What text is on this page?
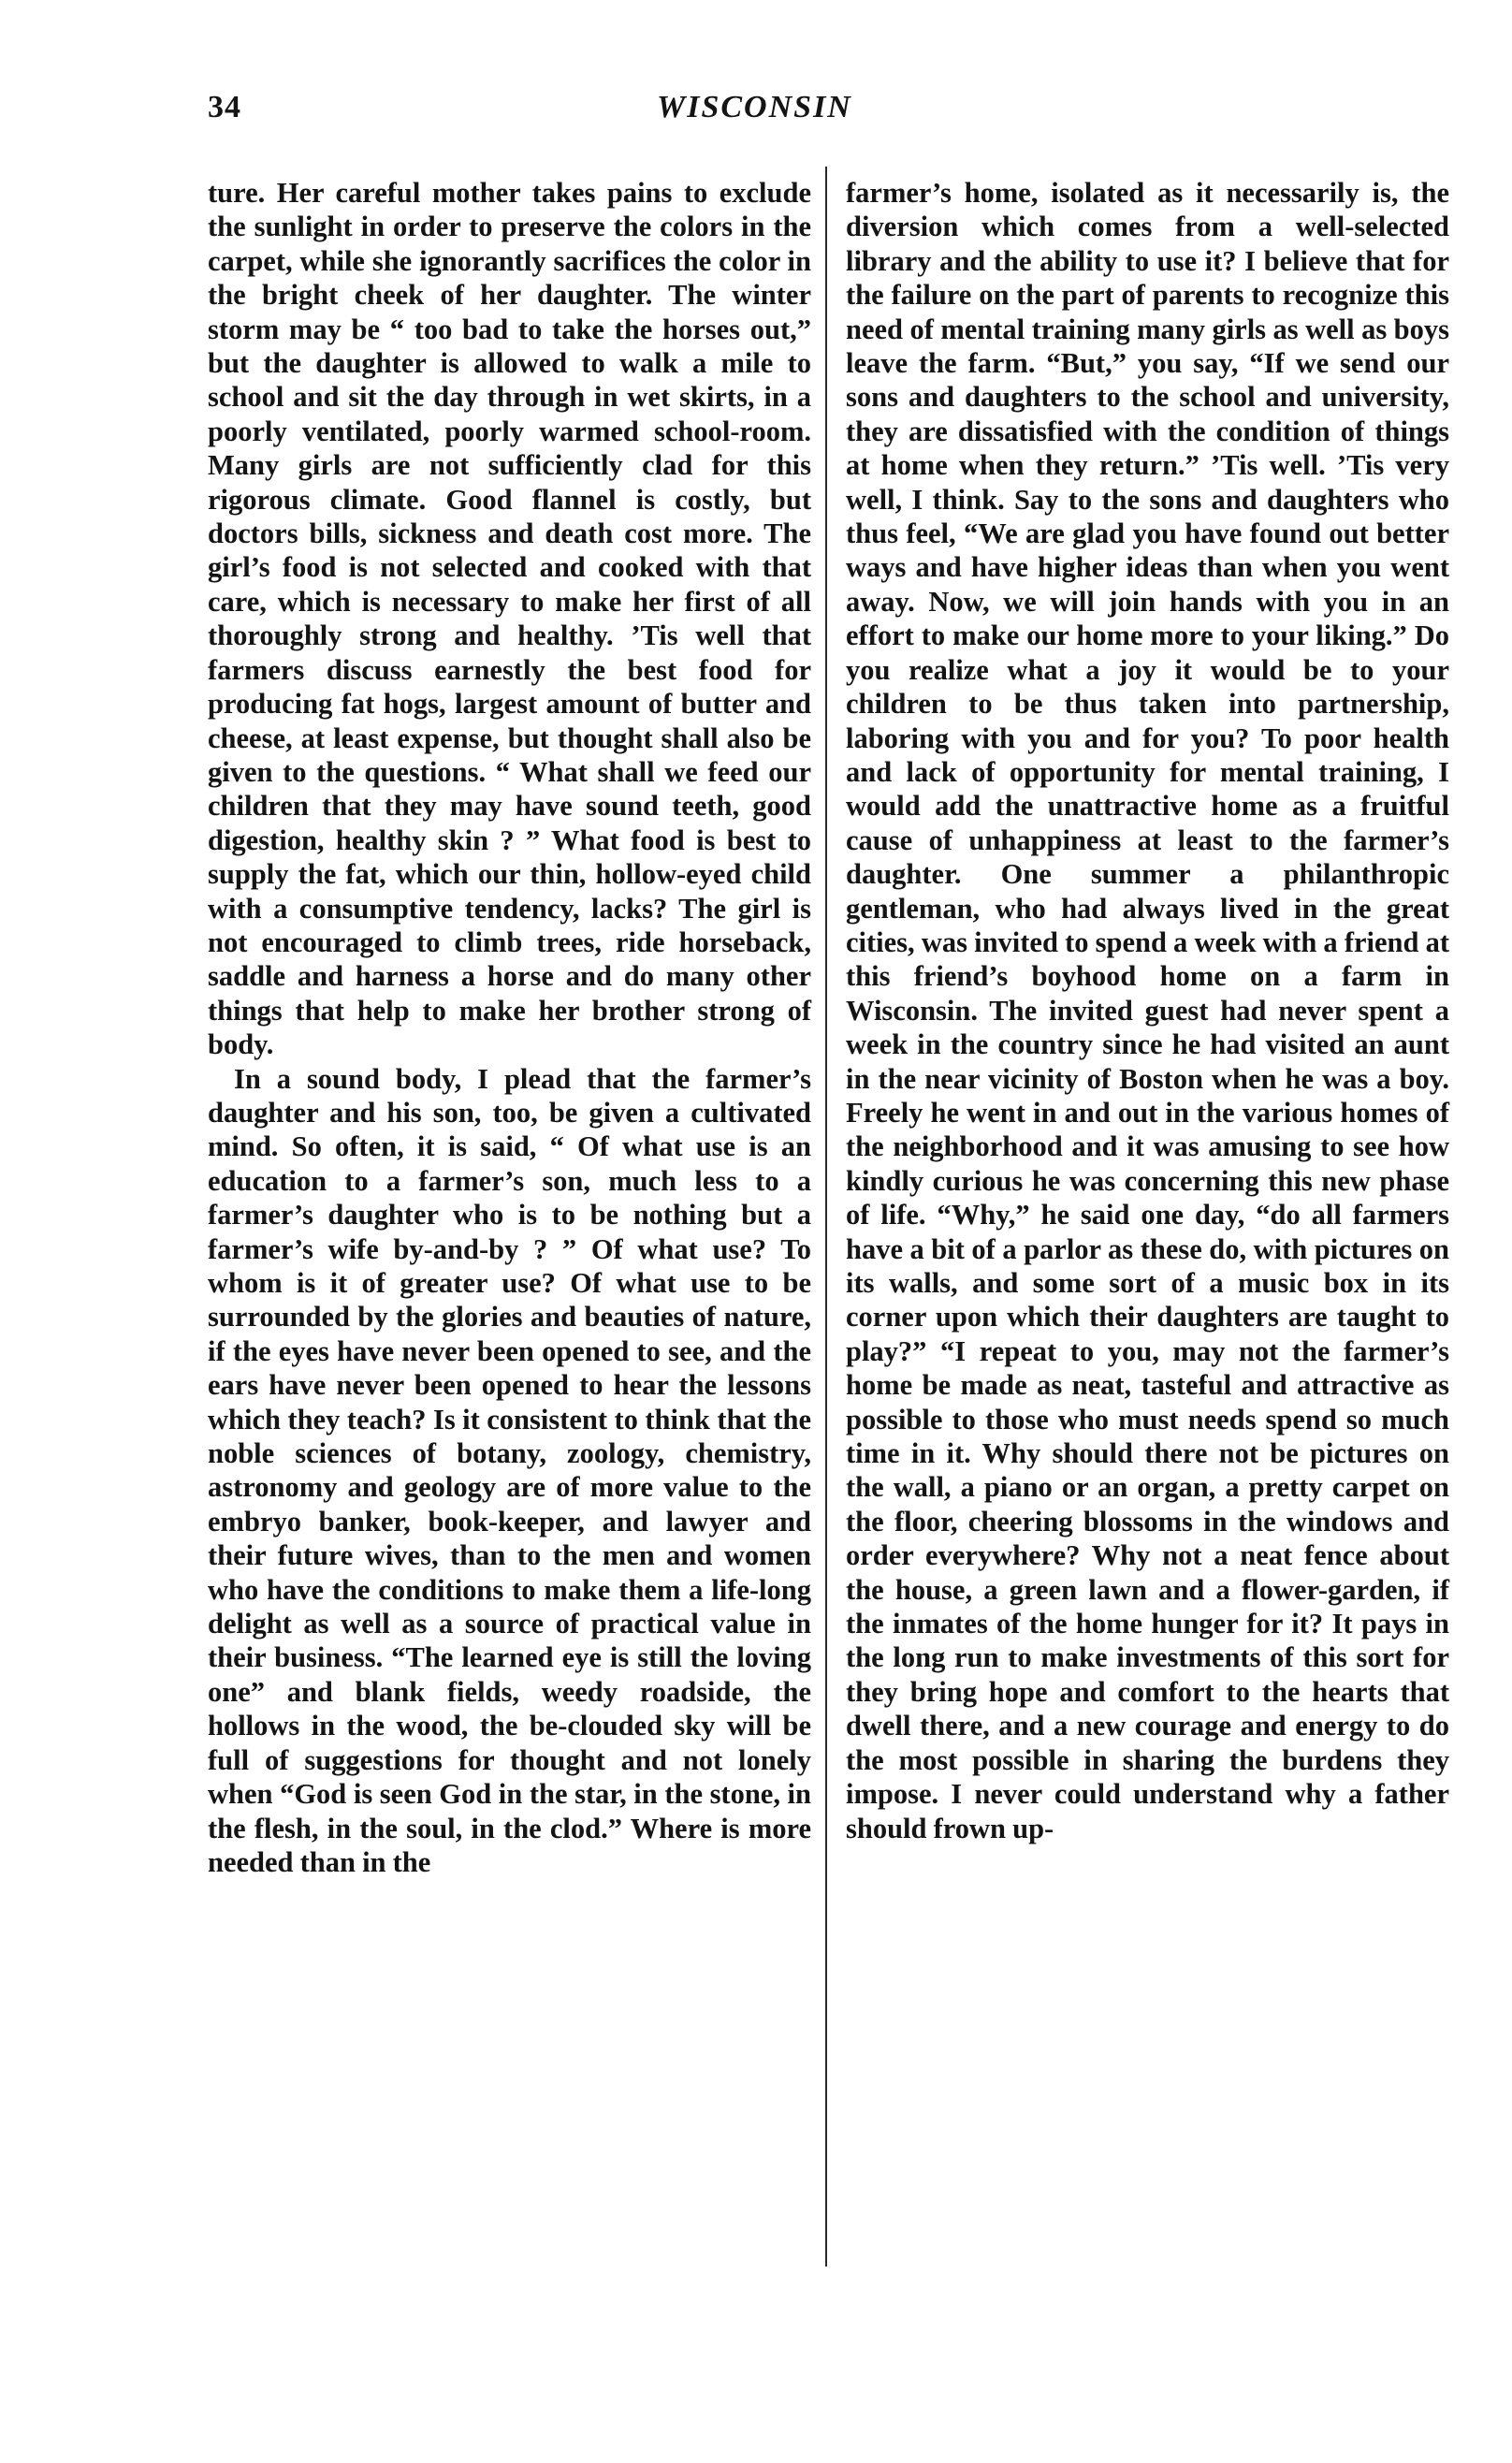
34	WISCONSIN

ture. Her careful mother takes pains to exclude the sunlight in order to preserve the colors in the carpet, while she ignorantly sacrifices the color in the bright cheek of her daughter. The winter storm may be “ too bad to take the horses out,” but the daughter is allowed to walk a mile to school and sit the day through in wet skirts, in a poorly ventilated, poorly warmed school-room. Many girls are not sufficiently clad for this rigorous climate. Good flannel is costly, but doctors bills, sickness and death cost more. The girl’s food is not selected and cooked with that care, which is necessary to make her first of all thoroughly strong and healthy. ’Tis well that farmers discuss earnestly the best food for producing fat hogs, largest amount of butter and cheese, at least expense, but thought shall also be given to the questions. “ What shall we feed our children that they may have sound teeth, good digestion, healthy skin ? ” What food is best to supply the fat, which our thin, hollow-eyed child with a consumptive tendency, lacks? The girl is not encouraged to climb trees, ride horseback, saddle and harness a horse and do many other things that help to make her brother strong of body.

In a sound body, I plead that the farmer’s daughter and his son, too, be given a cultivated mind. So often, it is said, “ Of what use is an education to a farmer’s son, much less to a farmer’s daughter who is to be nothing but a farmer’s wife by-and-by ? ” Of what use? To whom is it of greater use? Of what use to be surrounded by the glories and beauties of nature, if the eyes have never been opened to see, and the ears have never been opened to hear the lessons which they teach? Is it consistent to think that the noble sciences of botany, zoology, chemistry, astronomy and geology are of more value to the embryo banker, book-keeper, and lawyer and their future wives, than to the men and women who have the conditions to make them a life-long delight as well as a source of practical value in their business. “The learned eye is still the loving one” and blank fields, weedy roadside, the hollows in the wood, the be-clouded sky will be full of suggestions for thought and not lonely when “God is seen God in the star, in the stone, in the flesh, in the soul, in the clod.” Where is more needed than in the

farmer’s home, isolated as it necessarily is, the diversion which comes from a well-selected library and the ability to use it? I believe that for the failure on the part of parents to recognize this need of mental training many girls as well as boys leave the farm. “But,” you say, “If we send our sons and daughters to the school and university, they are dissatisfied with the condition of things at home when they return.” ’Tis well. ’Tis very well, I think. Say to the sons and daughters who thus feel, “We are glad you have found out better ways and have higher ideas than when you went away. Now, we will join hands with you in an effort to make our home more to your liking.” Do you realize what a joy it would be to your children to be thus taken into partnership, laboring with you and for you? To poor health and lack of opportunity for mental training, I would add the unattractive home as a fruitful cause of unhappiness at least to the farmer’s daughter. One summer a philanthropic gentleman, who had always lived in the great cities, was invited to spend a week with a friend at this friend’s boyhood home on a farm in Wisconsin. The invited guest had never spent a week in the country since he had visited an aunt in the near vicinity of Boston when he was a boy. Freely he went in and out in the various homes of the neighborhood and it was amusing to see how kindly curious he was concerning this new phase of life. “Why,” he said one day, “do all farmers have a bit of a parlor as these do, with pictures on its walls, and some sort of a music box in its corner upon which their daughters are taught to play?” “I repeat to you, may not the farmer’s home be made as neat, tasteful and attractive as possible to those who must needs spend so much time in it. Why should there not be pictures on the wall, a piano or an organ, a pretty carpet on the floor, cheering blossoms in the windows and order everywhere? Why not a neat fence about the house, a green lawn and a flower-garden, if the inmates of the home hunger for it? It pays in the long run to make investments of this sort for they bring hope and comfort to the hearts that dwell there, and a new courage and energy to do the most possible in sharing the burdens they impose. I never could understand why a father should frown up-
